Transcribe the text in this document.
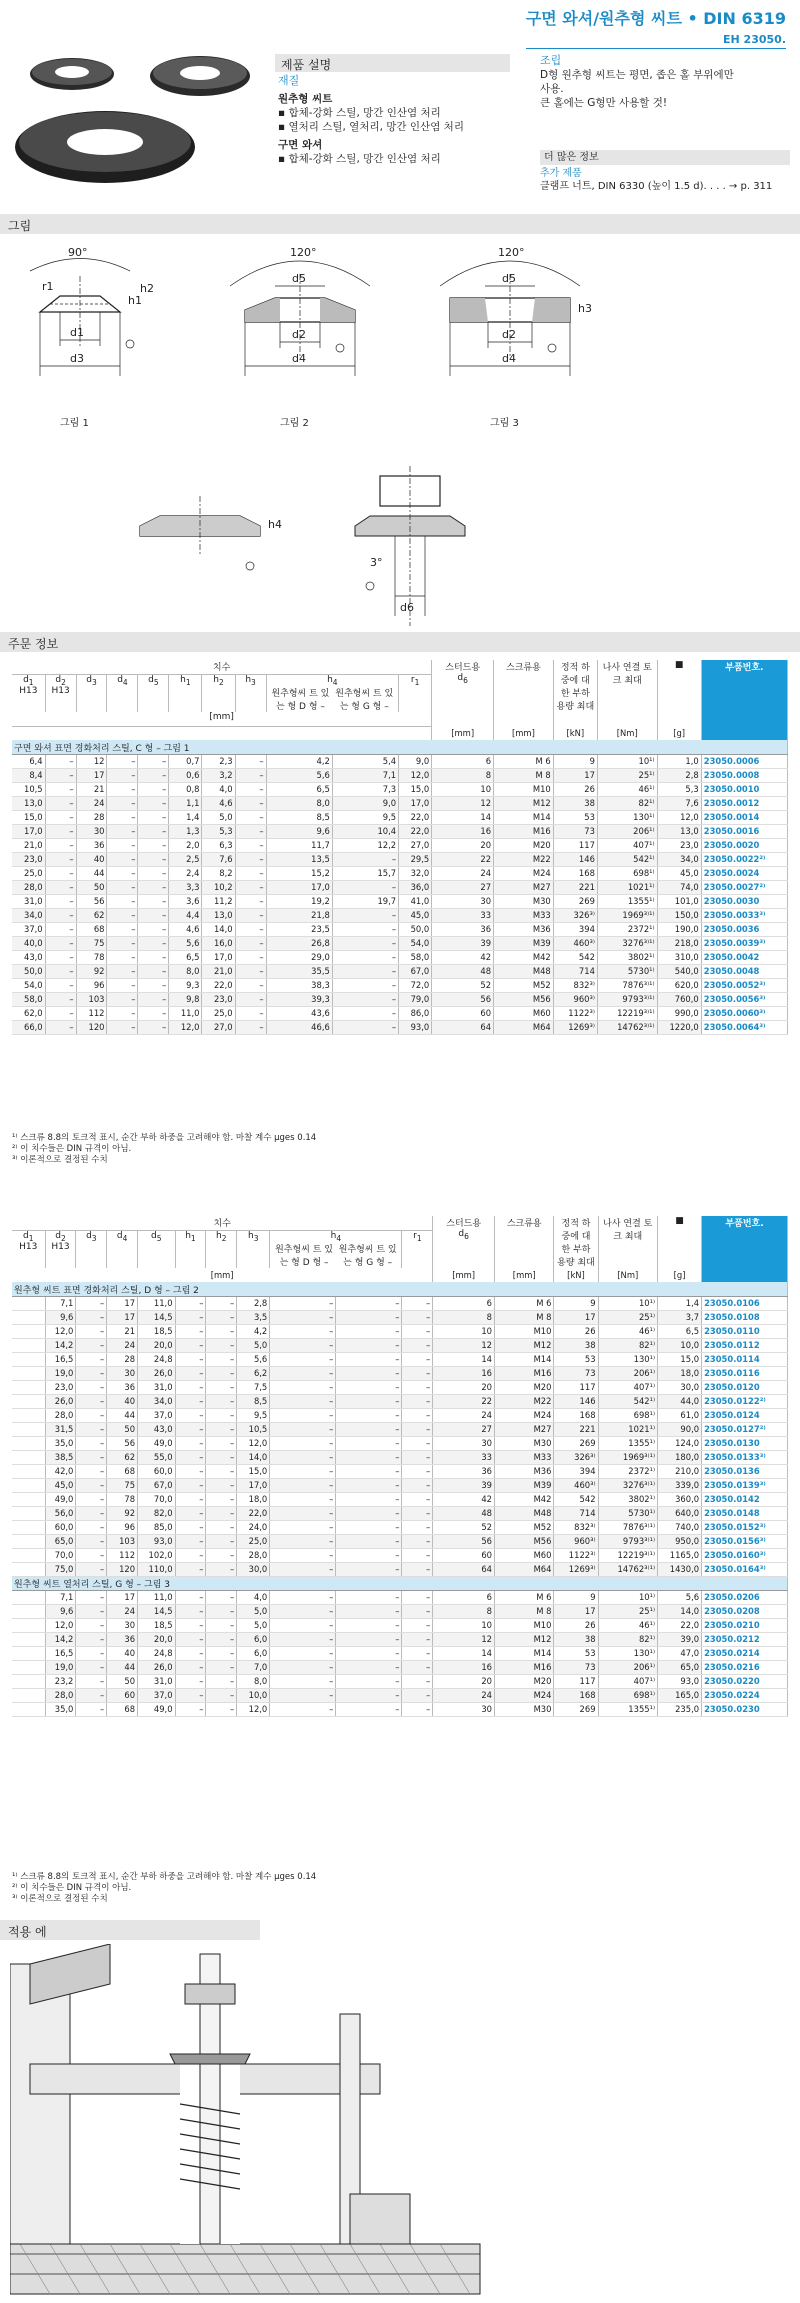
구면 와셔/원추형 씨트 • DIN 6319
EH 23050.
제품 설명
재질
원추형 씨트
▪ 합체-강화 스틸, 망간 인산염 처리
▪ 열처리 스틸, 열처리, 망간 인산염 처리
구면 와셔
▪ 합체-강화 스틸, 망간 인산염 처리
조립
D형 원추형 씨트는 평면, 좁은 홀 부위에만
사용.
큰 홀에는 G형만 사용할 것!
더 많은 정보
추가 제품
클램프 너트, DIN 6330 (높이 1.5 d). . . . → p. 311
그림
90°
d3
d1
h1
h2
r1
120°
d5
d2
d4
120°
d5
d2
d4
h3
h4
d6
3°
그림 1	그림 2	그림 3
주문 정보
치수											스터드용
$d_6$	스크류용	정적 하 중에 대 한 부하 용량 최대	나사 연결 토크 최대	■	부품번호.
$d_1$
H13	$d_2$
H13	$d_3$	$d_4$	$d_5$	$h_1$	$h_2$	$h_3$	$h_4$

원추형씨 트 있는 형 D 형 –
원추형씨 트 있는 형 G 형 –		$r_1$
[mm]																
											[mm]	[mm]	[kN]	[Nm]	[g]	
구면 와셔 표면 경화처리 스틸, C 형 – 그림 1																
6,4	–	12	–	–	0,7	2,3	–	4,2	5,4	9,0	6	M 6	9	10¹⁾	1,0	23050.0006
8,4	–	17	–	–	0,6	3,2	–	5,6	7,1	12,0	8	M 8	17	25¹⁾	2,8	23050.0008
10,5	–	21	–	–	0,8	4,0	–	6,5	7,3	15,0	10	M10	26	46¹⁾	5,3	23050.0010
13,0	–	24	–	–	1,1	4,6	–	8,0	9,0	17,0	12	M12	38	82¹⁾	7,6	23050.0012
15,0	–	28	–	–	1,4	5,0	–	8,5	9,5	22,0	14	M14	53	130¹⁾	12,0	23050.0014
17,0	–	30	–	–	1,3	5,3	–	9,6	10,4	22,0	16	M16	73	206¹⁾	13,0	23050.0016
21,0	–	36	–	–	2,0	6,3	–	11,7	12,2	27,0	20	M20	117	407¹⁾	23,0	23050.0020
23,0	–	40	–	–	2,5	7,6	–	13,5	–	29,5	22	M22	146	542¹⁾	34,0	23050.0022²⁾
25,0	–	44	–	–	2,4	8,2	–	15,2	15,7	32,0	24	M24	168	698¹⁾	45,0	23050.0024
28,0	–	50	–	–	3,3	10,2	–	17,0	–	36,0	27	M27	221	1021¹⁾	74,0	23050.0027²⁾
31,0	–	56	–	–	3,6	11,2	–	19,2	19,7	41,0	30	M30	269	1355¹⁾	101,0	23050.0030
34,0	–	62	–	–	4,4	13,0	–	21,8	–	45,0	33	M33	326³⁾	1969³⁾¹⁾	150,0	23050.0033³⁾
37,0	–	68	–	–	4,6	14,0	–	23,5	–	50,0	36	M36	394	2372¹⁾	190,0	23050.0036
40,0	–	75	–	–	5,6	16,0	–	26,8	–	54,0	39	M39	460³⁾	3276³⁾¹⁾	218,0	23050.0039³⁾
43,0	–	78	–	–	6,5	17,0	–	29,0	–	58,0	42	M42	542	3802¹⁾	310,0	23050.0042
50,0	–	92	–	–	8,0	21,0	–	35,5	–	67,0	48	M48	714	5730¹⁾	540,0	23050.0048
54,0	–	96	–	–	9,3	22,0	–	38,3	–	72,0	52	M52	832³⁾	7876³⁾¹⁾	620,0	23050.0052³⁾
58,0	–	103	–	–	9,8	23,0	–	39,3	–	79,0	56	M56	960³⁾	9793³⁾¹⁾	760,0	23050.0056³⁾
62,0	–	112	–	–	11,0	25,0	–	43,6	–	86,0	60	M60	1122³⁾	12219³⁾¹⁾	990,0	23050.0060³⁾
66,0	–	120	–	–	12,0	27,0	–	46,6	–	93,0	64	M64	1269³⁾	14762³⁾¹⁾	1220,0	23050.0064³⁾
¹⁾ 스크류 8.8의 토크적 표시, 순간 부하 하중을 고려해야 함. 마찰 계수 μges 0.14
²⁾ 이 치수들은 DIN 규격이 아님.
³⁾ 이론적으로 결정된 수치
치수											스터드용
$d_6$	스크류용	정적 하 중에 대 한 부하 용량 최대	나사 연결 토크 최대	■	부품번호.
$d_1$
H13	$d_2$
H13	$d_3$	$d_4$	$d_5$	$h_1$	$h_2$	$h_3$	$h_4$

원추형씨 트 있는 형 D 형 –
원추형씨 트 있는 형 G 형 –		$r_1$
[mm]											[mm]	[mm]	[kN]	[Nm]	[g]	
원추형 씨트 표면 경화처리 스틸, D 형 – 그림 2																
	7,1	–	17	11,0	–	–	2,8	–	–	–	6	M 6	9	10¹⁾	1,4	23050.0106
	9,6	–	17	14,5	–	–	3,5	–	–	–	8	M 8	17	25¹⁾	3,7	23050.0108
	12,0	–	21	18,5	–	–	4,2	–	–	–	10	M10	26	46¹⁾	6,5	23050.0110
	14,2	–	24	20,0	–	–	5,0	–	–	–	12	M12	38	82¹⁾	10,0	23050.0112
	16,5	–	28	24,8	–	–	5,6	–	–	–	14	M14	53	130¹⁾	15,0	23050.0114
	19,0	–	30	26,0	–	–	6,2	–	–	–	16	M16	73	206¹⁾	18,0	23050.0116
	23,0	–	36	31,0	–	–	7,5	–	–	–	20	M20	117	407¹⁾	30,0	23050.0120
	26,0	–	40	34,0	–	–	8,5	–	–	–	22	M22	146	542¹⁾	44,0	23050.0122²⁾
	28,0	–	44	37,0	–	–	9,5	–	–	–	24	M24	168	698¹⁾	61,0	23050.0124
	31,5	–	50	43,0	–	–	10,5	–	–	–	27	M27	221	1021¹⁾	90,0	23050.0127²⁾
	35,0	–	56	49,0	–	–	12,0	–	–	–	30	M30	269	1355¹⁾	124,0	23050.0130
	38,5	–	62	55,0	–	–	14,0	–	–	–	33	M33	326³⁾	1969³⁾¹⁾	180,0	23050.0133³⁾
	42,0	–	68	60,0	–	–	15,0	–	–	–	36	M36	394	2372¹⁾	210,0	23050.0136
	45,0	–	75	67,0	–	–	17,0	–	–	–	39	M39	460³⁾	3276³⁾¹⁾	339,0	23050.0139³⁾
	49,0	–	78	70,0	–	–	18,0	–	–	–	42	M42	542	3802¹⁾	360,0	23050.0142
	56,0	–	92	82,0	–	–	22,0	–	–	–	48	M48	714	5730¹⁾	640,0	23050.0148
	60,0	–	96	85,0	–	–	24,0	–	–	–	52	M52	832³⁾	7876³⁾¹⁾	740,0	23050.0152³⁾
	65,0	–	103	93,0	–	–	25,0	–	–	–	56	M56	960³⁾	9793³⁾¹⁾	950,0	23050.0156³⁾
	70,0	–	112	102,0	–	–	28,0	–	–	–	60	M60	1122³⁾	12219³⁾¹⁾	1165,0	23050.0160³⁾
	75,0	–	120	110,0	–	–	30,0	–	–	–	64	M64	1269³⁾	14762³⁾¹⁾	1430,0	23050.0164³⁾
원추형 씨트 열처리 스틸, G 형 – 그림 3																
	7,1	–	17	11,0	–	–	4,0	–	–	–	6	M 6	9	10¹⁾	5,6	23050.0206
	9,6	–	24	14,5	–	–	5,0	–	–	–	8	M 8	17	25¹⁾	14,0	23050.0208
	12,0	–	30	18,5	–	–	5,0	–	–	–	10	M10	26	46¹⁾	22,0	23050.0210
	14,2	–	36	20,0	–	–	6,0	–	–	–	12	M12	38	82¹⁾	39,0	23050.0212
	16,5	–	40	24,8	–	–	6,0	–	–	–	14	M14	53	130¹⁾	47,0	23050.0214
	19,0	–	44	26,0	–	–	7,0	–	–	–	16	M16	73	206¹⁾	65,0	23050.0216
	23,2	–	50	31,0	–	–	8,0	–	–	–	20	M20	117	407¹⁾	93,0	23050.0220
	28,0	–	60	37,0	–	–	10,0	–	–	–	24	M24	168	698¹⁾	165,0	23050.0224
	35,0	–	68	49,0	–	–	12,0	–	–	–	30	M30	269	1355¹⁾	235,0	23050.0230
¹⁾ 스크류 8.8의 토크적 표시, 순간 부하 하중을 고려해야 함. 마찰 계수 μges 0.14
²⁾ 이 치수들은 DIN 규격이 아님.
³⁾ 이론적으로 결정된 수치
적용 에
